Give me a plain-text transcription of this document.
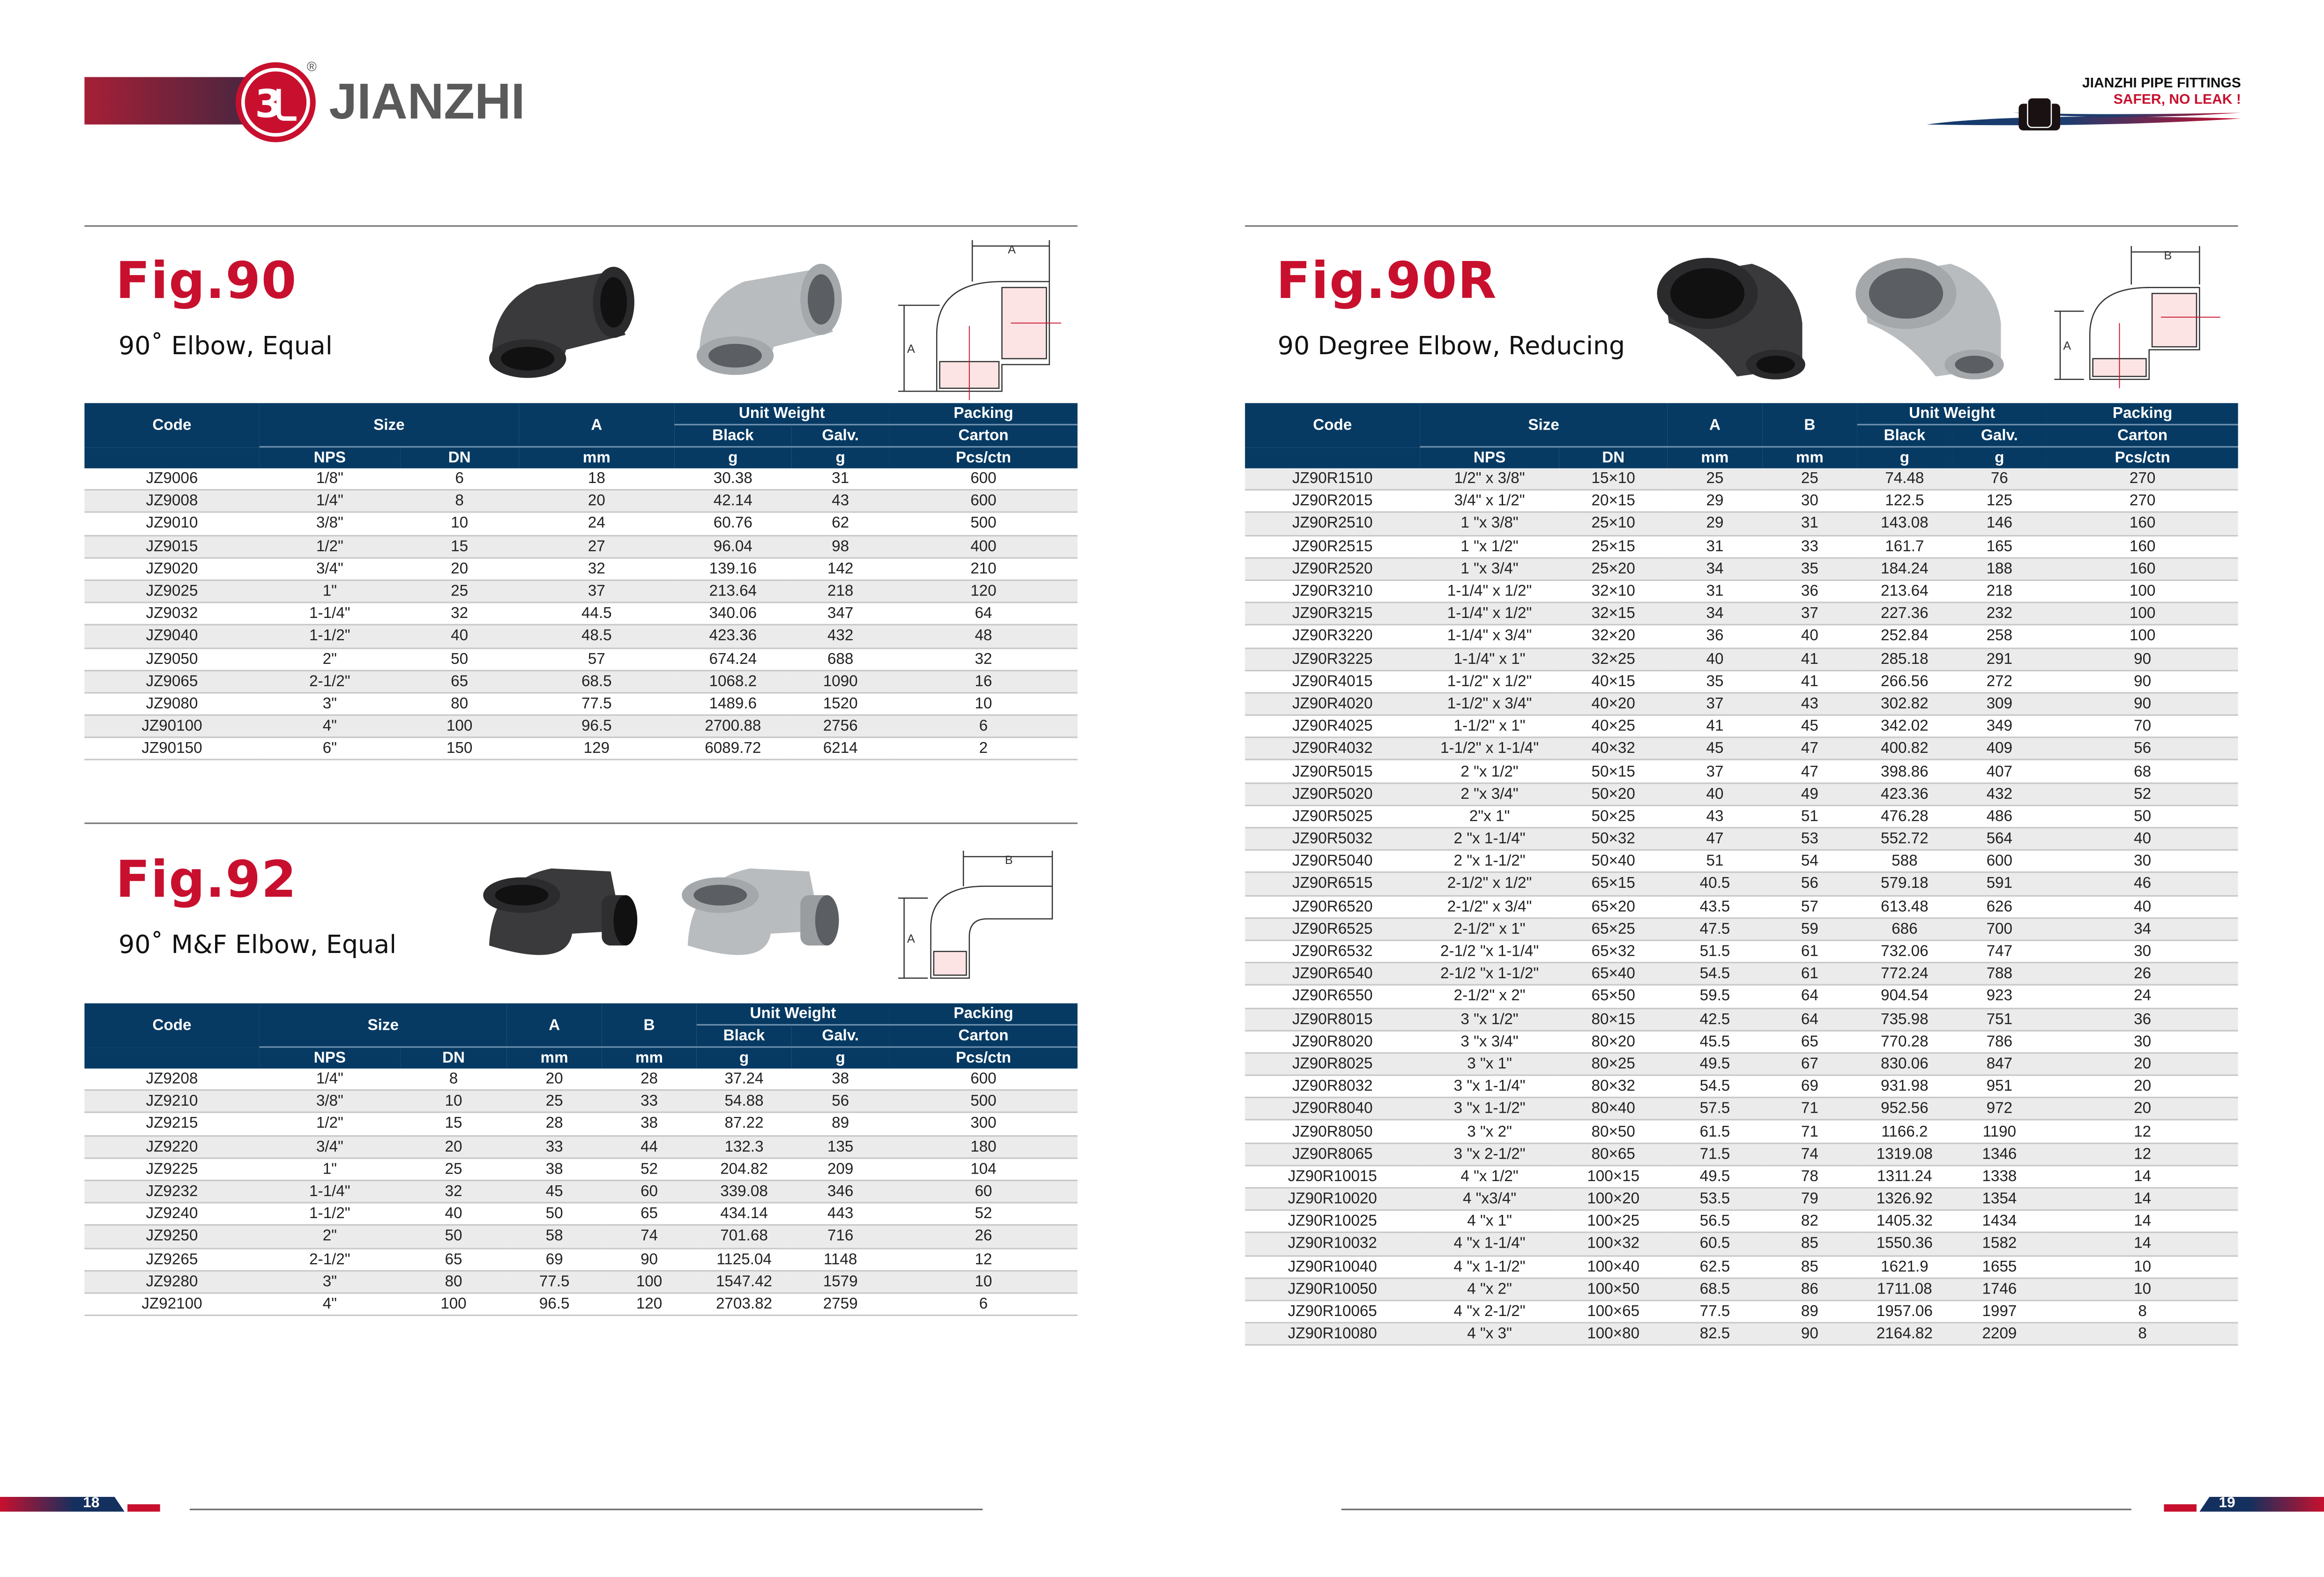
3
®
JIANZHI	JIANZHI PIPE FITTINGS
SAFER, NO LEAK !
Fig.90
90˚ Elbow, Equal
A
A
Code	Size		A	Unit Weight		Packing
				Black	Galv.	Carton
	NPS	DN	mm	g	g	Pcs/ctn
JZ9006	1/8"	6	18	30.38	31	600
JZ9008	1/4"	8	20	42.14	43	600
JZ9010	3/8"	10	24	60.76	62	500
JZ9015	1/2"	15	27	96.04	98	400
JZ9020	3/4"	20	32	139.16	142	210
JZ9025	1"	25	37	213.64	218	120
JZ9032	1-1/4"	32	44.5	340.06	347	64
JZ9040	1-1/2"	40	48.5	423.36	432	48
JZ9050	2"	50	57	674.24	688	32
JZ9065	2-1/2"	65	68.5	1068.2	1090	16
JZ9080	3"	80	77.5	1489.6	1520	10
JZ90100	4"	100	96.5	2700.88	2756	6
JZ90150	6"	150	129	6089.72	6214	2
Fig.92
90˚ M&F Elbow, Equal
B
A
Code	Size		A	B	Unit Weight		Packing
					Black	Galv.	Carton
	NPS	DN	mm	mm	g	g	Pcs/ctn
JZ9208	1/4"	8	20	28	37.24	38	600
JZ9210	3/8"	10	25	33	54.88	56	500
JZ9215	1/2"	15	28	38	87.22	89	300
JZ9220	3/4"	20	33	44	132.3	135	180
JZ9225	1"	25	38	52	204.82	209	104
JZ9232	1-1/4"	32	45	60	339.08	346	60
JZ9240	1-1/2"	40	50	65	434.14	443	52
JZ9250	2"	50	58	74	701.68	716	26
JZ9265	2-1/2"	65	69	90	1125.04	1148	12
JZ9280	3"	80	77.5	100	1547.42	1579	10
JZ92100	4"	100	96.5	120	2703.82	2759	6
Fig.90R
90 Degree Elbow, Reducing
B
A
Code	Size		A	B	Unit Weight		Packing
					Black	Galv.	Carton
	NPS	DN	mm	mm	g	g	Pcs/ctn
JZ90R1510	1/2" x 3/8"	15×10	25	25	74.48	76	270
JZ90R2015	3/4" x 1/2"	20×15	29	30	122.5	125	270
JZ90R2510	1 "x 3/8"	25×10	29	31	143.08	146	160
JZ90R2515	1 "x 1/2"	25×15	31	33	161.7	165	160
JZ90R2520	1 "x 3/4"	25×20	34	35	184.24	188	160
JZ90R3210	1-1/4" x 1/2"	32×10	31	36	213.64	218	100
JZ90R3215	1-1/4" x 1/2"	32×15	34	37	227.36	232	100
JZ90R3220	1-1/4" x 3/4"	32×20	36	40	252.84	258	100
JZ90R3225	1-1/4" x 1"	32×25	40	41	285.18	291	90
JZ90R4015	1-1/2" x 1/2"	40×15	35	41	266.56	272	90
JZ90R4020	1-1/2" x 3/4"	40×20	37	43	302.82	309	90
JZ90R4025	1-1/2" x 1"	40×25	41	45	342.02	349	70
JZ90R4032	1-1/2" x 1-1/4"	40×32	45	47	400.82	409	56
JZ90R5015	2 "x 1/2"	50×15	37	47	398.86	407	68
JZ90R5020	2 "x 3/4"	50×20	40	49	423.36	432	52
JZ90R5025	2"x 1"	50×25	43	51	476.28	486	50
JZ90R5032	2 "x 1-1/4"	50×32	47	53	552.72	564	40
JZ90R5040	2 "x 1-1/2"	50×40	51	54	588	600	30
JZ90R6515	2-1/2" x 1/2"	65×15	40.5	56	579.18	591	46
JZ90R6520	2-1/2" x 3/4"	65×20	43.5	57	613.48	626	40
JZ90R6525	2-1/2" x 1"	65×25	47.5	59	686	700	34
JZ90R6532	2-1/2 "x 1-1/4"	65×32	51.5	61	732.06	747	30
JZ90R6540	2-1/2 "x 1-1/2"	65×40	54.5	61	772.24	788	26
JZ90R6550	2-1/2" x 2"	65×50	59.5	64	904.54	923	24
JZ90R8015	3 "x 1/2"	80×15	42.5	64	735.98	751	36
JZ90R8020	3 "x 3/4"	80×20	45.5	65	770.28	786	30
JZ90R8025	3 "x 1"	80×25	49.5	67	830.06	847	20
JZ90R8032	3 "x 1-1/4"	80×32	54.5	69	931.98	951	20
JZ90R8040	3 "x 1-1/2"	80×40	57.5	71	952.56	972	20
JZ90R8050	3 "x 2"	80×50	61.5	71	1166.2	1190	12
JZ90R8065	3 "x 2-1/2"	80×65	71.5	74	1319.08	1346	12
JZ90R10015	4 "x 1/2"	100×15	49.5	78	1311.24	1338	14
JZ90R10020	4 "x3/4"	100×20	53.5	79	1326.92	1354	14
JZ90R10025	4 "x 1"	100×25	56.5	82	1405.32	1434	14
JZ90R10032	4 "x 1-1/4"	100×32	60.5	85	1550.36	1582	14
JZ90R10040	4 "x 1-1/2"	100×40	62.5	85	1621.9	1655	10
JZ90R10050	4 "x 2"	100×50	68.5	86	1711.08	1746	10
JZ90R10065	4 "x 2-1/2"	100×65	77.5	89	1957.06	1997	8
JZ90R10080	4 "x 3"	100×80	82.5	90	2164.82	2209	8
18	19
